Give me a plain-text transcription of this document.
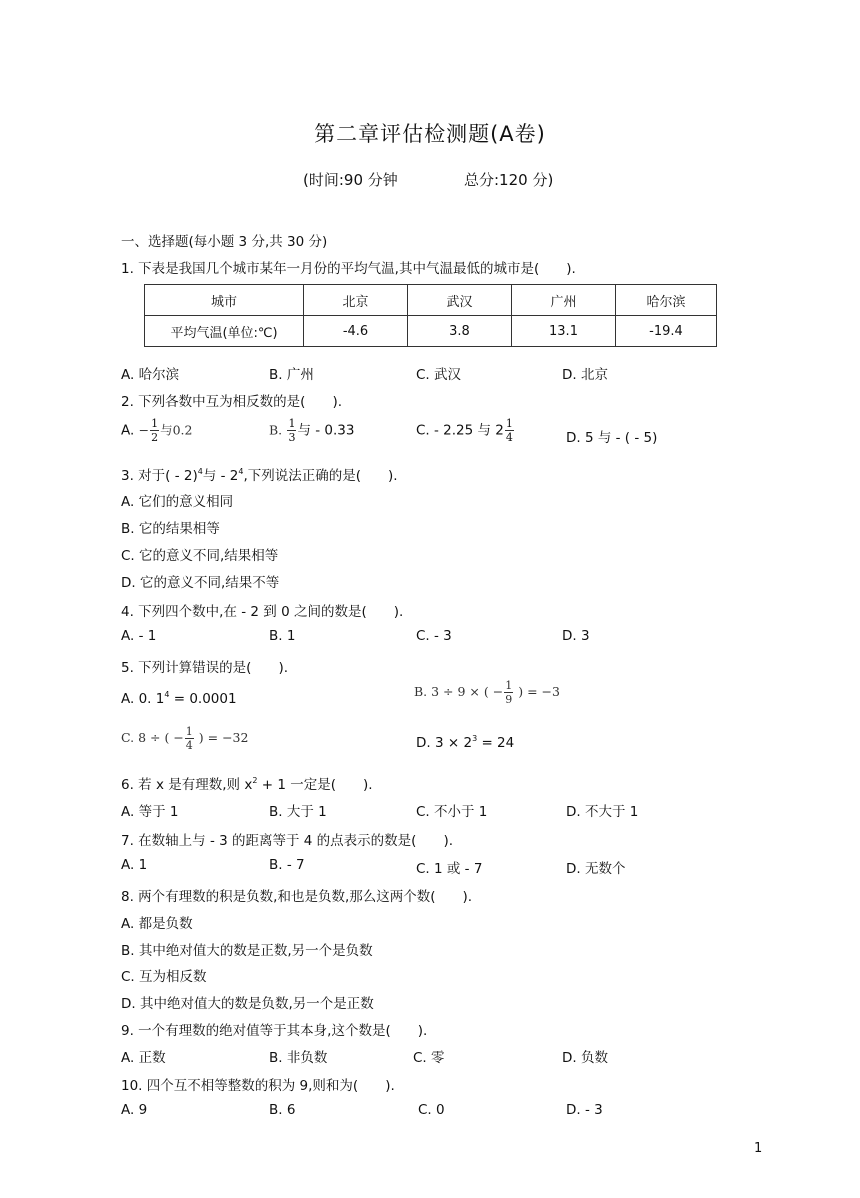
第二章评估检测题(A卷)
(时间:90 分钟	总分:120 分)
一、选择题(每小题 3 分,共 30 分)
1. 下表是我国几个城市某年一月份的平均气温,其中气温最低的城市是(　　).
城市	北京	武汉	广州	哈尔滨
平均气温(单位:℃)	-4.6	3.8	13.1	-19.4
A. 哈尔滨	B. 广州	C. 武汉	D. 北京
2. 下列各数中互为相反数的是(　　).
A. − $\frac{1}{2}$ 与0.2	B. $\frac{1}{3}$ 与 - 0.33	C. - 2.25 与 $2 \frac{1}{4}$	D. 5 与 - ( - 5)
3. 对于( - 2)$^4$与 - $2^4$,下列说法正确的是(　　).
A. 它们的意义相同
B. 它的结果相等
C. 它的意义不同,结果相等
D. 它的意义不同,结果不等
4. 下列四个数中,在 - 2 到 0 之间的数是(　　).
A. - 1	B. 1	C. - 3	D. 3
5. 下列计算错误的是(　　).
A. 0. $1^4 = 0.0001$	B. 3 ÷ 9 × ( − $\frac{1}{9}$ ) = −3
C. 8 ÷ ( − $\frac{1}{4}$ ) = −32	D. $3 \times 2^3 = 24$
6. 若 x 是有理数,则 $x^2 + 1$ 一定是(　　).
A. 等于 1	B. 大于 1	C. 不小于 1	D. 不大于 1
7. 在数轴上与 - 3 的距离等于 4 的点表示的数是(　　).
A. 1	B. - 7	C. 1 或 - 7	D. 无数个
8. 两个有理数的积是负数,和也是负数,那么这两个数(　　).
A. 都是负数
B. 其中绝对值大的数是正数,另一个是负数
C. 互为相反数
D. 其中绝对值大的数是负数,另一个是正数
9. 一个有理数的绝对值等于其本身,这个数是(　　).
A. 正数	B. 非负数	C. 零	D. 负数
10. 四个互不相等整数的积为 9,则和为(　　).
A. 9	B. 6	C. 0	D. - 3
1
